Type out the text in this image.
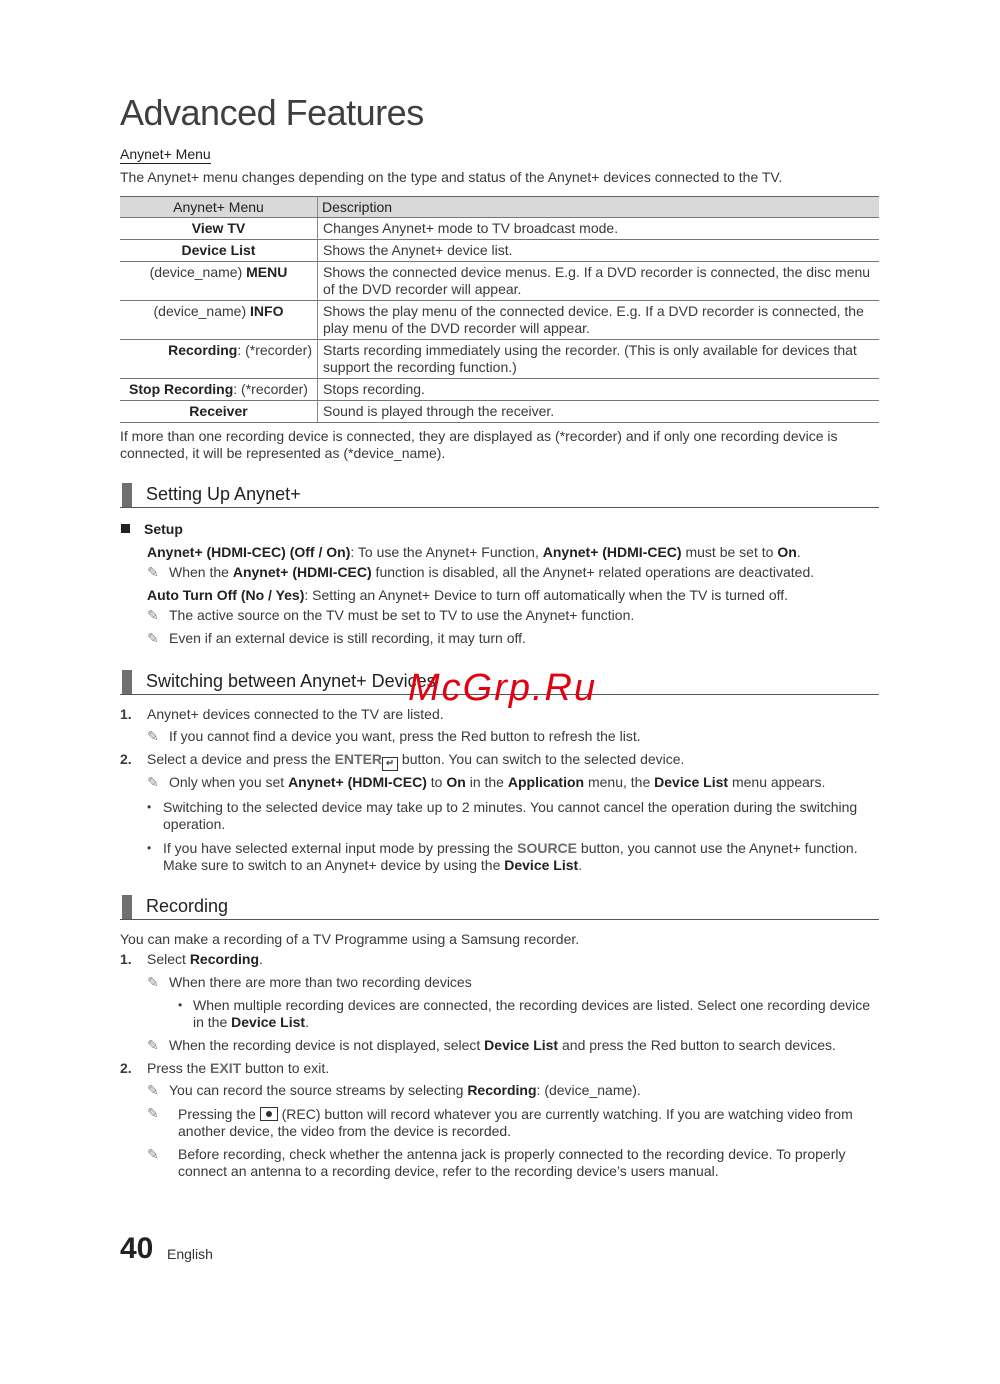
Advanced Features
Anynet+ Menu
The Anynet+ menu changes depending on the type and status of the Anynet+ devices connected to the TV.
Anynet+ Menu	Description
View TV	Changes Anynet+ mode to TV broadcast mode.
Device List	Shows the Anynet+ device list.
(device_name) MENU	Shows the connected device menus. E.g. If a DVD recorder is connected, the disc menu of the DVD recorder will appear.
(device_name) INFO	Shows the play menu of the connected device. E.g. If a DVD recorder is connected, the play menu of the DVD recorder will appear.
Recording: (*recorder)	Starts recording immediately using the recorder. (This is only available for devices that support the recording function.)
Stop Recording: (*recorder)	Stops recording.
Receiver	Sound is played through the receiver.
If more than one recording device is connected, they are displayed as (*recorder) and if only one recording device is connected, it will be represented as (*device_name).
Setting Up Anynet+
Setup
Anynet+ (HDMI-CEC) (Off / On): To use the Anynet+ Function, Anynet+ (HDMI-CEC) must be set to On.
✎ When the Anynet+ (HDMI-CEC) function is disabled, all the Anynet+ related operations are deactivated.
Auto Turn Off (No / Yes): Setting an Anynet+ Device to turn off automatically when the TV is turned off.
✎ The active source on the TV must be set to TV to use the Anynet+ function.
✎ Even if an external device is still recording, it may turn off.
Switching between Anynet+ Devices
1. Anynet+ devices connected to the TV are listed.
✎ If you cannot find a device you want, press the Red button to refresh the list.
2. Select a device and press the ENTER ↵ button. You can switch to the selected device.
✎ Only when you set Anynet+ (HDMI-CEC) to On in the Application menu, the Device List menu appears.
• Switching to the selected device may take up to 2 minutes. You cannot cancel the operation during the switching operation.
• If you have selected external input mode by pressing the SOURCE button, you cannot use the Anynet+ function. Make sure to switch to an Anynet+ device by using the Device List.
Recording
You can make a recording of a TV Programme using a Samsung recorder.
1. Select Recording.
✎ When there are more than two recording devices
• When multiple recording devices are connected, the recording devices are listed. Select one recording device in the Device List.
✎ When the recording device is not displayed, select Device List and press the Red button to search devices.
2. Press the EXIT button to exit.
✎ You can record the source streams by selecting Recording: (device_name).
✎	Pressing the  (REC) button will record whatever you are currently watching. If you are watching video from another device, the video from the device is recorded.
✎	Before recording, check whether the antenna jack is properly connected to the recording device. To properly connect an antenna to a recording device, refer to the recording device’s users manual.
McGrp.Ru
40 English
